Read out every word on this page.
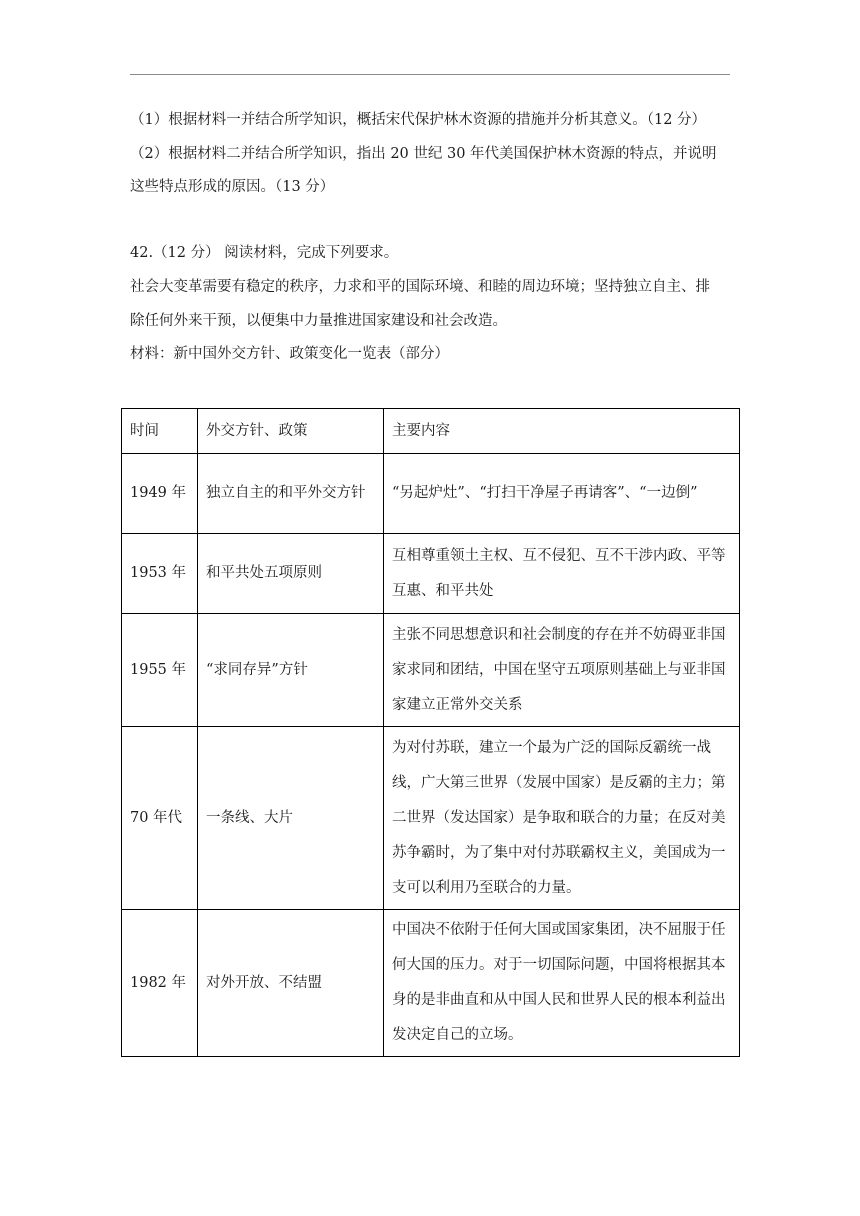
（1）根据材料一并结合所学知识，概括宋代保护林木资源的措施并分析其意义。（12 分）
（2）根据材料二并结合所学知识，指出 20 世纪 30 年代美国保护林木资源的特点，并说明
这些特点形成的原因。（13 分）
42.（12 分） 阅读材料，完成下列要求。
社会大变革需要有稳定的秩序，力求和平的国际环境、和睦的周边环境；坚持独立自主、排
除任何外来干预，以便集中力量推进国家建设和社会改造。
材料：新中国外交方针、政策变化一览表（部分）
时间	外交方针、政策	主要内容
1949 年	独立自主的和平外交方针	“另起炉灶”、“打扫干净屋子再请客”、“一边倒”
1953 年	和平共处五项原则	互相尊重领土主权、互不侵犯、互不干涉内政、平等互惠、和平共处
1955 年	“求同存异”方针	主张不同思想意识和社会制度的存在并不妨碍亚非国家求同和团结，中国在坚守五项原则基础上与亚非国家建立正常外交关系
70 年代	一条线、大片	为对付苏联，建立一个最为广泛的国际反霸统一战线，广大第三世界（发展中国家）是反霸的主力；第二世界（发达国家）是争取和联合的力量；在反对美苏争霸时，为了集中对付苏联霸权主义，美国成为一支可以利用乃至联合的力量。
1982 年	对外开放、不结盟	中国决不依附于任何大国或国家集团，决不屈服于任何大国的压力。对于一切国际问题，中国将根据其本身的是非曲直和从中国人民和世界人民的根本利益出发决定自己的立场。
